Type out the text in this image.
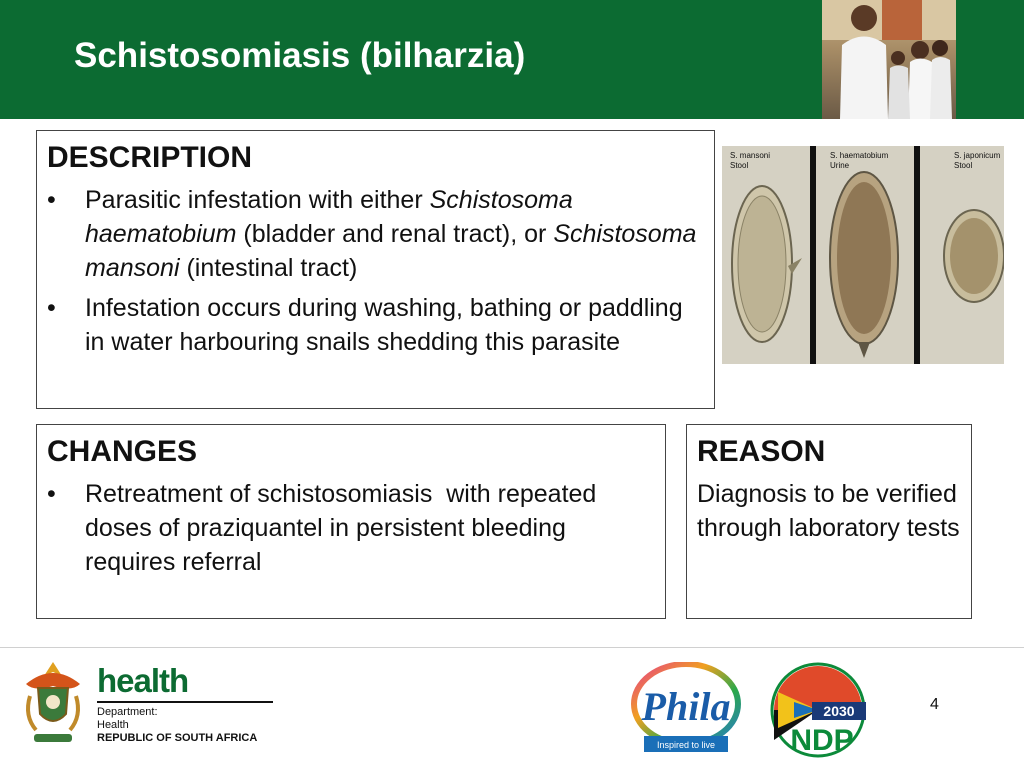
Schistosomiasis (bilharzia)
DESCRIPTION
• Parasitic infestation with either Schistosoma haematobium (bladder and renal tract), or Schistosoma mansoni (intestinal tract)
• Infestation occurs during washing, bathing or paddling in water harbouring snails shedding this parasite
S. mansoni
Stool
S. haematobium
Urine
S. japonicum
Stool
CHANGES
• Retreatment of schistosomiasis  with repeated doses of praziquantel in persistent bleeding requires referral
REASON
Diagnosis to be verified through laboratory tests
health
Department:
Health
REPUBLIC OF SOUTH AFRICA
Phila
Inspired to live
2030
NDP
4
